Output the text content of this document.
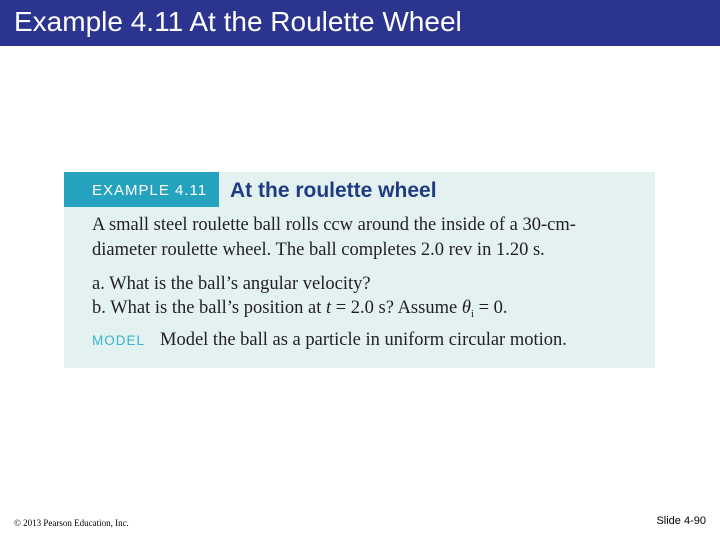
Example 4.11 At the Roulette Wheel
EXAMPLE 4.11 At the roulette wheel
A small steel roulette ball rolls ccw around the inside of a 30-cm-
diameter roulette wheel. The ball completes 2.0 rev in 1.20 s.
a. What is the ball’s angular velocity?
b. What is the ball’s position at t = 2.0 s? Assume $\theta_i = 0$.
MODEL Model the ball as a particle in uniform circular motion.
© 2013 Pearson Education, Inc.	Slide 4-90
